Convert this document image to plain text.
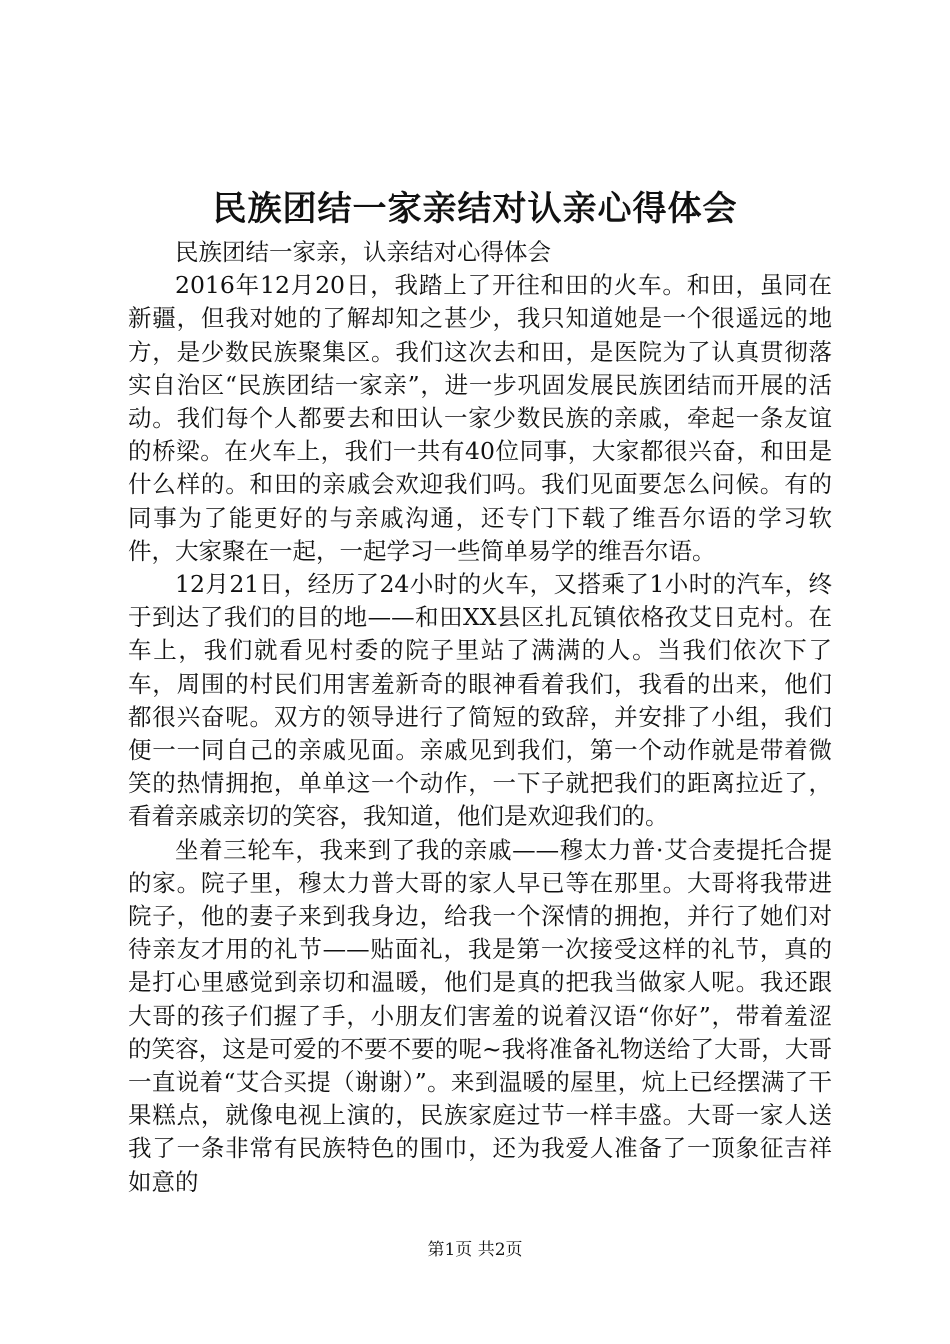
民族团结一家亲结对认亲心得体会

民族团结一家亲，认亲结对心得体会

2016年12月20日，我踏上了开往和田的火车。和田，虽同在新疆，但我对她的了解却知之甚少，我只知道她是一个很遥远的地方，是少数民族聚集区。我们这次去和田，是医院为了认真贯彻落实自治区“民族团结一家亲”，进一步巩固发展民族团结而开展的活动。我们每个人都要去和田认一家少数民族的亲戚，牵起一条友谊的桥梁。在火车上，我们一共有40位同事，大家都很兴奋，和田是什么样的。和田的亲戚会欢迎我们吗。我们见面要怎么问候。有的同事为了能更好的与亲戚沟通，还专门下载了维吾尔语的学习软件，大家聚在一起，一起学习一些简单易学的维吾尔语。

12月21日，经历了24小时的火车，又搭乘了1小时的汽车，终于到达了我们的目的地——和田XX县区扎瓦镇依格孜艾日克村。在车上，我们就看见村委的院子里站了满满的人。当我们依次下了车，周围的村民们用害羞新奇的眼神看着我们，我看的出来，他们都很兴奋呢。双方的领导进行了简短的致辞，并安排了小组，我们便一一同自己的亲戚见面。亲戚见到我们，第一个动作就是带着微笑的热情拥抱，单单这一个动作，一下子就把我们的距离拉近了，看着亲戚亲切的笑容，我知道，他们是欢迎我们的。

坐着三轮车，我来到了我的亲戚——穆太力普·艾合麦提托合提的家。院子里，穆太力普大哥的家人早已等在那里。大哥将我带进院子，他的妻子来到我身边，给我一个深情的拥抱，并行了她们对待亲友才用的礼节——贴面礼，我是第一次接受这样的礼节，真的是打心里感觉到亲切和温暖，他们是真的把我当做家人呢。我还跟大哥的孩子们握了手，小朋友们害羞的说着汉语“你好”，带着羞涩的笑容，这是可爱的不要不要的呢~我将准备礼物送给了大哥，大哥一直说着“艾合买提（谢谢）”。来到温暖的屋里，炕上已经摆满了干果糕点，就像电视上演的，民族家庭过节一样丰盛。大哥一家人送我了一条非常有民族特色的围巾，还为我爱人准备了一顶象征吉祥如意的

第1页 共2页
